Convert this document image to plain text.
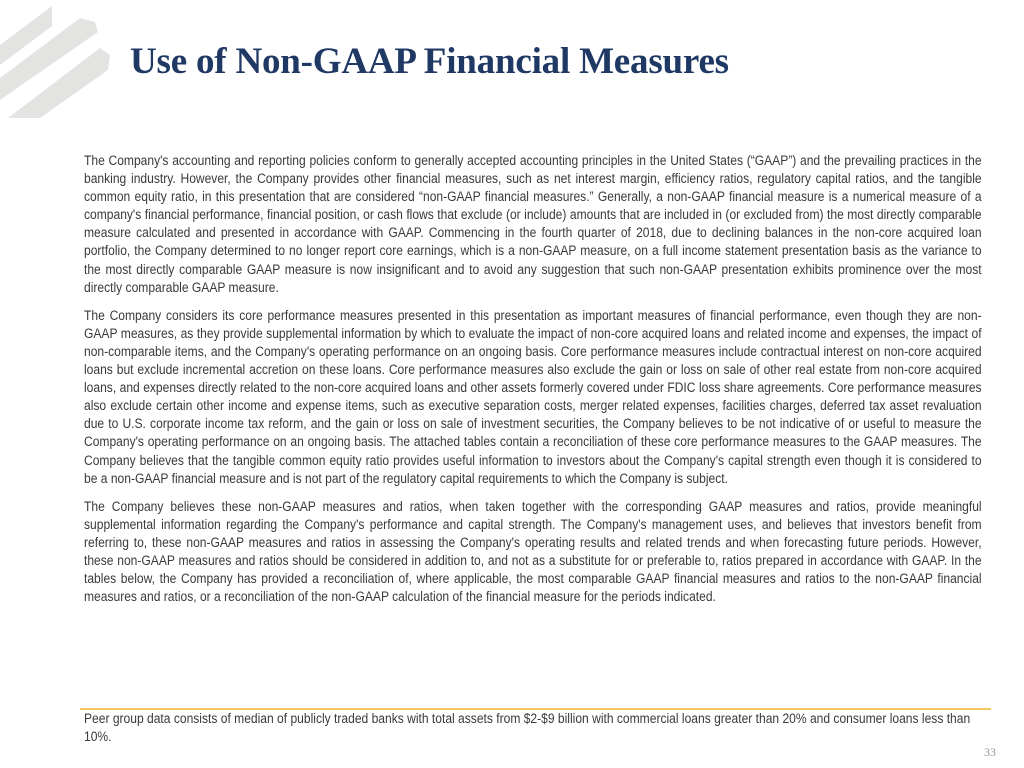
Use of Non-GAAP Financial Measures

The Company's accounting and reporting policies conform to generally accepted accounting principles in the United States (“GAAP”) and the prevailing practices in the banking industry. However, the Company provides other financial measures, such as net interest margin, efficiency ratios, regulatory capital ratios, and the tangible common equity ratio, in this presentation that are considered “non-GAAP financial measures.” Generally, a non-GAAP financial measure is a numerical measure of a company's financial performance, financial position, or cash flows that exclude (or include) amounts that are included in (or excluded from) the most directly comparable measure calculated and presented in accordance with GAAP. Commencing in the fourth quarter of 2018, due to declining balances in the non-core acquired loan portfolio, the Company determined to no longer report core earnings, which is a non-GAAP measure, on a full income statement presentation basis as the variance to the most directly comparable GAAP measure is now insignificant and to avoid any suggestion that such non-GAAP presentation exhibits prominence over the most directly comparable GAAP measure.

The Company considers its core performance measures presented in this presentation as important measures of financial performance, even though they are non-GAAP measures, as they provide supplemental information by which to evaluate the impact of non-core acquired loans and related income and expenses, the impact of non-comparable items, and the Company's operating performance on an ongoing basis. Core performance measures include contractual interest on non-core acquired loans but exclude incremental accretion on these loans. Core performance measures also exclude the gain or loss on sale of other real estate from non-core acquired loans, and expenses directly related to the non-core acquired loans and other assets formerly covered under FDIC loss share agreements. Core performance measures also exclude certain other income and expense items, such as executive separation costs, merger related expenses, facilities charges, deferred tax asset revaluation due to U.S. corporate income tax reform, and the gain or loss on sale of investment securities, the Company believes to be not indicative of or useful to measure the Company's operating performance on an ongoing basis. The attached tables contain a reconciliation of these core performance measures to the GAAP measures. The Company believes that the tangible common equity ratio provides useful information to investors about the Company's capital strength even though it is considered to be a non-GAAP financial measure and is not part of the regulatory capital requirements to which the Company is subject.

The Company believes these non-GAAP measures and ratios, when taken together with the corresponding GAAP measures and ratios, provide meaningful supplemental information regarding the Company's performance and capital strength. The Company's management uses, and believes that investors benefit from referring to, these non-GAAP measures and ratios in assessing the Company's operating results and related trends and when forecasting future periods. However, these non-GAAP measures and ratios should be considered in addition to, and not as a substitute for or preferable to, ratios prepared in accordance with GAAP. In the tables below, the Company has provided a reconciliation of, where applicable, the most comparable GAAP financial measures and ratios to the non-GAAP financial measures and ratios, or a reconciliation of the non-GAAP calculation of the financial measure for the periods indicated.

Peer group data consists of median of publicly traded banks with total assets from $2-$9 billion with commercial loans greater than 20% and consumer loans less than 10%.

33
